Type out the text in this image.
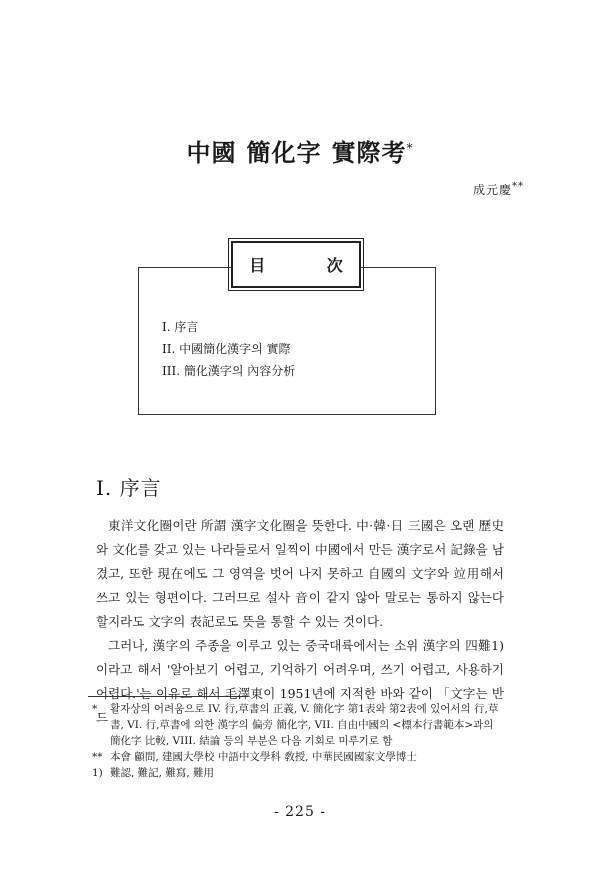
中國 簡化字 實際考*
成元慶**
目 次
I. 序言
II. 中國簡化漢字의 實際
III. 簡化漢字의 內容分析
I. 序言

東洋文化圈이란 所謂 漢字文化圈을 뜻한다. 中·韓·日 三國은 오랜 歷史와 文化를 갖고 있는 나라들로서 일찍이 中國에서 만든 漢字로서 記錄을 남겼고, 또한 現在에도 그 영역을 벗어 나지 못하고 自國의 文字와 竝用해서 쓰고 있는 형편이다. 그러므로 설사 音이 같지 않아 말로는 통하지 않는다 할지라도 文字의 表記로도 뜻을 통할 수 있는 것이다.

그러나, 漢字의 주종을 이루고 있는 중국대륙에서는 소위 漢字의 四難1)이라고 해서 '알아보기 어렵고, 기억하기 어려우며, 쓰기 어렵고, 사용하기 어렵다.'는 이유로 해서 毛澤東이 1951년에 지적한 바와 같이 「文字는 반드

*	활자상의 어려움으로 IV. 行,草書의 正義, V. 簡化字 第1表와 第2表에 있어서의 行,草書, VI. 行,草書에 의한 漢字의 偏旁 簡化字, VII. 自由中國의 <標本行書範本>과의 簡化字 比較, VIII. 結論 등의 부분은 다음 기회로 미루기로 함
** 本會 顧問, 建國大學校 中語中文學科 敎授, 中華民國國家文學博士
1) 難認, 難記, 難寫, 難用
- 225 -
